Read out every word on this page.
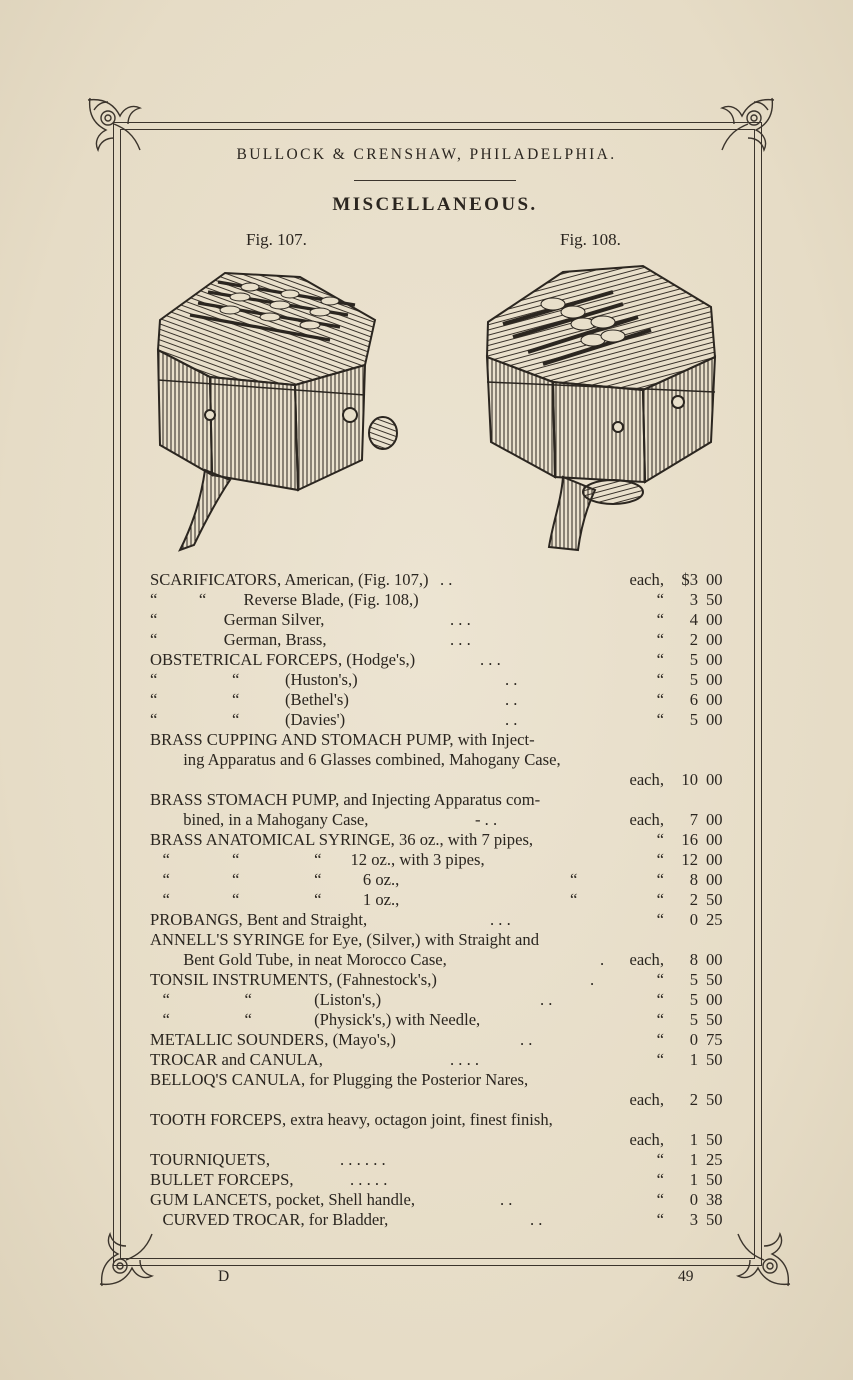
BULLOCK & CRENSHAW, PHILADELPHIA.
MISCELLANEOUS.
Fig. 107.	Fig. 108.
SCARIFICATORS, American, (Fig. 107,) . .	each,	$3 00
“          “         Reverse Blade, (Fig. 108,)	“	3 50
“                German Silver,	. . .	“	4 00
“                German, Brass,	. . .	“	2 00
OBSTETRICAL FORCEPS, (Hodge's,)	. . .	“	5 00
“                  “           (Huston's,)	. .	“	5 00
“                  “           (Bethel's)	. .	“	6 00
“                  “           (Davies')	. .	“	5 00
BRASS CUPPING AND STOMACH PUMP, with Inject-
ing Apparatus and 6 Glasses combined, Mahogany Case,
each,	10 00
BRASS STOMACH PUMP, and Injecting Apparatus com-
bined, in a Mahogany Case,	- . .	each,	7 00
BRASS ANATOMICAL SYRINGE, 36 oz., with 7 pipes,	“	16 00
“               “                  “       12 oz., with 3 pipes,	“	12 00
“               “                  “          6 oz.,	“	“	8 00
“               “                  “          1 oz.,	“	“	2 50
PROBANGS, Bent and Straight,	. . .	“	0 25
ANNELL'S SYRINGE for Eye, (Silver,) with Straight and
Bent Gold Tube, in neat Morocco Case,	.	each,	8 00
TONSIL INSTRUMENTS, (Fahnestock's,)	.	“	5 50
“                  “               (Liston's,)	. .	“	5 00
“                  “               (Physick's,) with Needle,	“	5 50
METALLIC SOUNDERS, (Mayo's,)	. .	“	0 75
TROCAR and CANULA,	. . . .	“	1 50
BELLOQ'S CANULA, for Plugging the Posterior Nares,
each,	2 50
TOOTH FORCEPS, extra heavy, octagon joint, finest finish,
each,	1 50
TOURNIQUETS,	. . . . . .	“	1 25
BULLET FORCEPS,	. . . . .	“	1 50
GUM LANCETS, pocket, Shell handle,	. .	“	0 38
CURVED TROCAR, for Bladder,	. .	“	3 50
D	49
